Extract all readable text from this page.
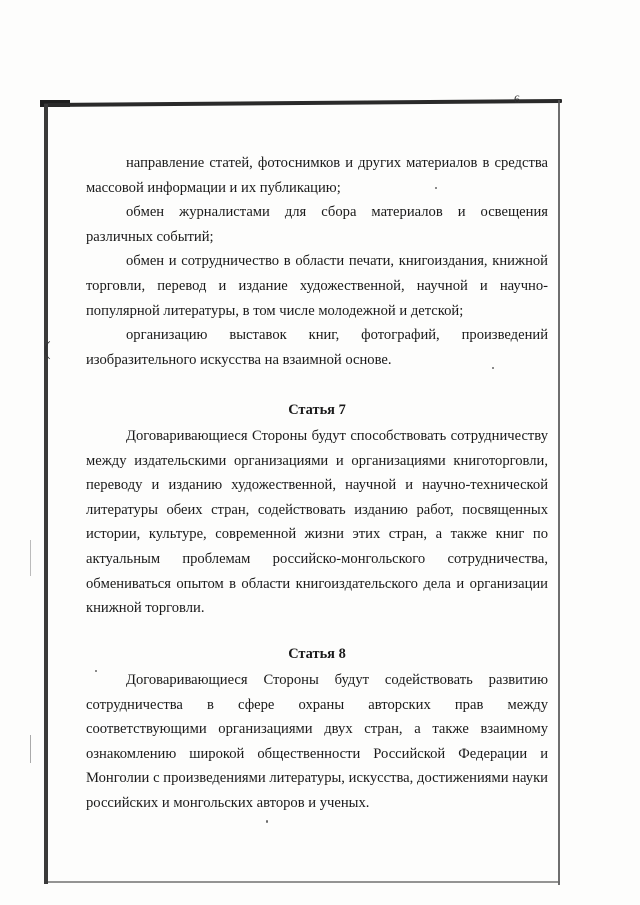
6
(

направление статей, фотоснимков и других материалов в средства массовой информации и их публикацию;

обмен журналистами для сбора материалов и освещения различных событий;

обмен и сотрудничество в области печати, книгоиздания, книжной торговли, перевод и издание художественной, научной и научно-популярной литературы, в том числе молодежной и детской;

организацию выставок книг, фотографий, произведений изобразительного искусства на взаимной основе.

Статья 7

Договаривающиеся Стороны будут способствовать сотрудничеству между издательскими организациями и организациями книготорговли, переводу и изданию художественной, научной и научно-технической литературы обеих стран, содействовать изданию работ, посвященных истории, культуре, современной жизни этих стран, а также книг по актуальным проблемам российско-монгольского сотрудничества, обмениваться опытом в области книгоиздательского дела и организации книжной торговли.

Статья 8

Договаривающиеся Стороны будут содействовать развитию сотрудничества в сфере охраны авторских прав между соответствующими организациями двух стран, а также взаимному ознакомлению широкой общественности Российской Федерации и Монголии с произведениями литературы, искусства, достижениями науки российских и монгольских авторов и ученых.
